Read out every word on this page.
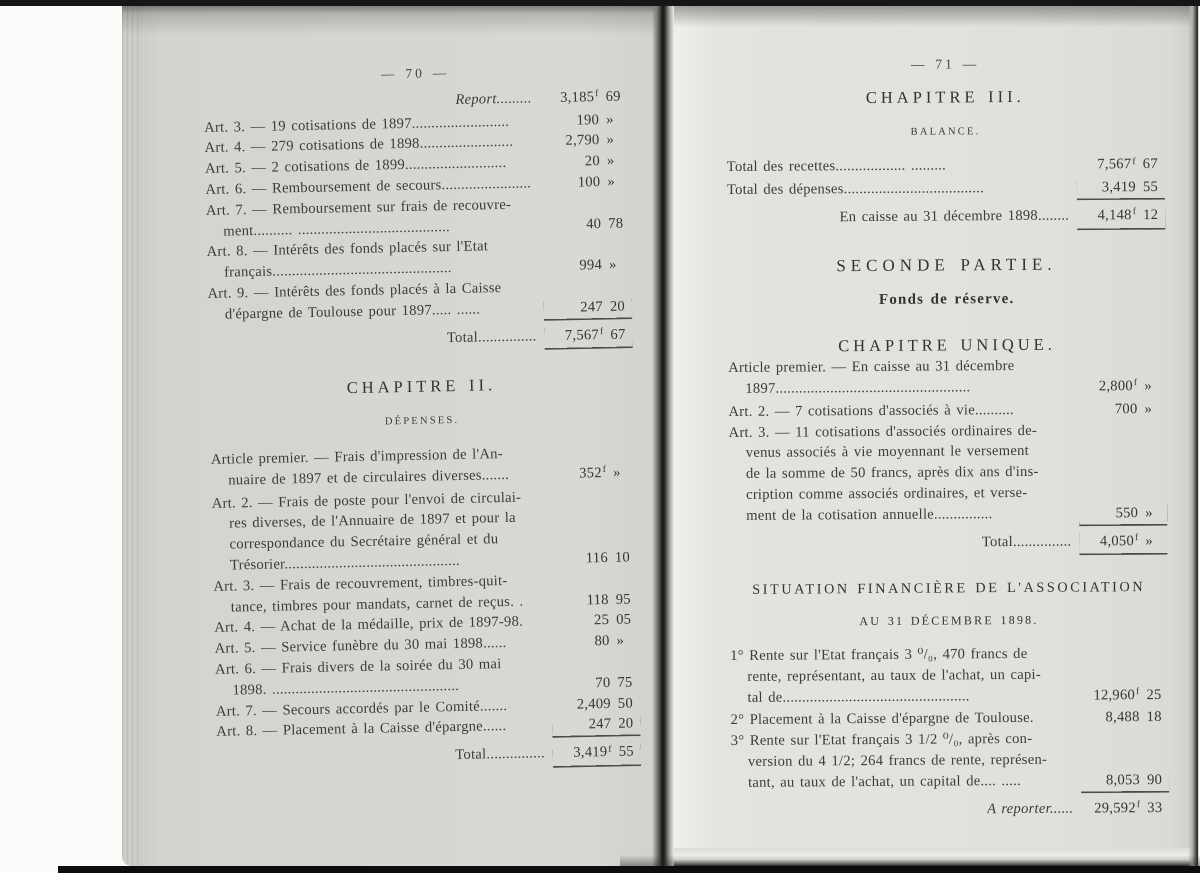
— 70 —
Report......... 3,185 f 69
Art. 3. — 19 cotisations de 1897.........................	190 »
Art. 4. — 279 cotisations de 1898........................	2,790 »
Art. 5. — 2 cotisations de 1899..........................	20 »
Art. 6. — Remboursement de secours.......................	100 »
Art. 7. — Remboursement sur frais de recouvre-
ment.......... .......................................	40 78
Art. 8. — Intérêts des fonds placés sur l'Etat
français..............................................	994 »
Art. 9. — Intérêts des fonds placés à la Caisse
d'épargne de Toulouse pour 1897..... ......	247 20
Total............... 7,567 f 67
CHAPITRE II.
DÉPENSES.
Article premier. — Frais d'impression de l'An-
nuaire de 1897 et de circulaires diverses.......	352 f »
Art. 2. — Frais de poste pour l'envoi de circulai-
res diverses, de l'Annuaire de 1897 et pour la
correspondance du Secrétaire général et du
Trésorier.............................................	116 10
Art. 3. — Frais de recouvrement, timbres-quit-
tance, timbres pour mandats, carnet de reçus. .	118 95
Art. 4. — Achat de la médaille, prix de 1897-98.	25 05
Art. 5. — Service funèbre du 30 mai 1898......	80 »
Art. 6. — Frais divers de la soirée du 30 mai
1898. ................................................	70 75
Art. 7. — Secours accordés par le Comité.......	2,409 50
Art. 8. — Placement à la Caisse d'épargne......	247 20
Total............... 3,419 f 55
— 71 —
CHAPITRE III.
BALANCE.
Total des recettes.................. .........	7,567 f 67
Total des dépenses....................................	3,419 55
En caisse au 31 décembre 1898........ 4,148 f 12
SECONDE PARTIE.
Fonds de réserve.
CHAPITRE UNIQUE.
Article premier. — En caisse au 31 décembre
1897..................................................	2,800 f »
Art. 2. — 7 cotisations d'associés à vie..........	700 »
Art. 3. — 11 cotisations d'associés ordinaires de-
venus associés à vie moyennant le versement
de la somme de 50 francs, après dix ans d'ins-
cription comme associés ordinaires, et verse-
ment de la cotisation annuelle...............	550 »
Total............... 4,050 f »
SITUATION FINANCIÈRE DE L'ASSOCIATION
AU 31 DÉCEMBRE 1898.
1° Rente sur l'Etat français 3 ⁰/₀, 470 francs de
rente, représentant, au taux de l'achat, un capi-
tal de................................................	12,960 f 25
2° Placement à la Caisse d'épargne de Toulouse.	8,488 18
3° Rente sur l'Etat français 3 1/2 ⁰/₀, après con-
version du 4 1/2; 264 francs de rente, représen-
tant, au taux de l'achat, un capital de.... .....	8,053 90
A reporter...... 29,592 f 33
